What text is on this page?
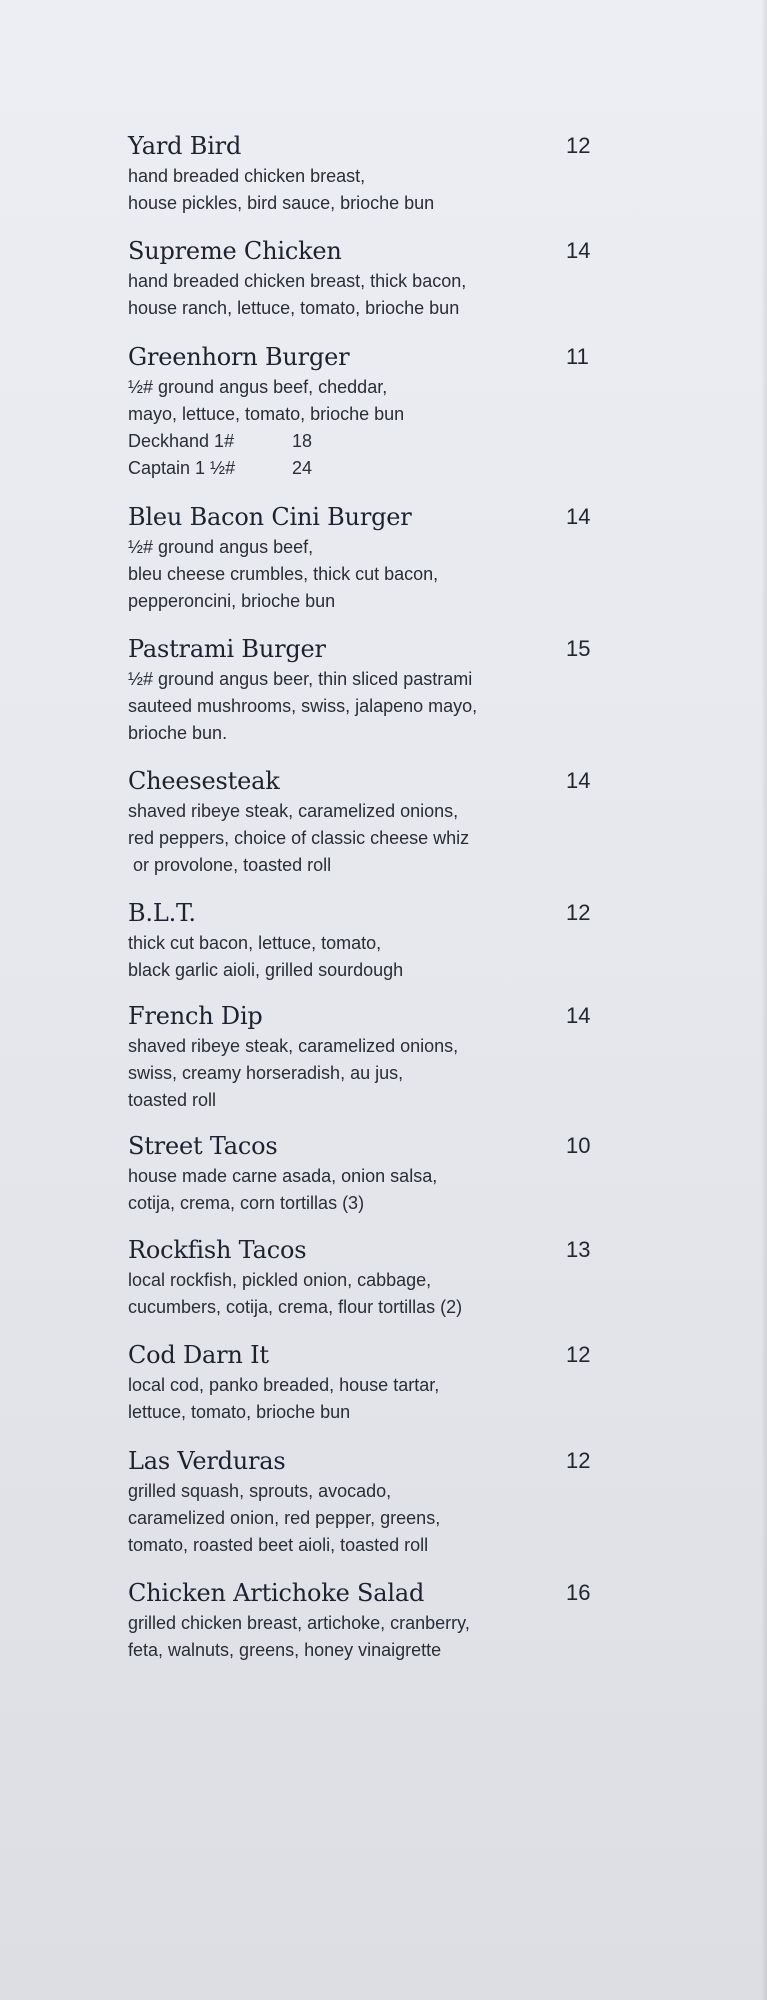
Yard Bird	12
hand breaded chicken breast,
house pickles, bird sauce, brioche bun
Supreme Chicken	14
hand breaded chicken breast, thick bacon,
house ranch, lettuce, tomato, brioche bun
Greenhorn Burger	11
½# ground angus beef, cheddar,
mayo, lettuce, tomato, brioche bun
Deckhand 1#	18
Captain 1 ½#	24
Bleu Bacon Cini Burger	14
½# ground angus beef,
bleu cheese crumbles, thick cut bacon,
pepperoncini, brioche bun
Pastrami Burger	15
½# ground angus beer, thin sliced pastrami
sauteed mushrooms, swiss, jalapeno mayo,
brioche bun.
Cheesesteak	14
shaved ribeye steak, caramelized onions,
red peppers, choice of classic cheese whiz
or provolone, toasted roll
B.L.T.	12
thick cut bacon, lettuce, tomato,
black garlic aioli, grilled sourdough
French Dip	14
shaved ribeye steak, caramelized onions,
swiss, creamy horseradish, au jus,
toasted roll
Street Tacos	10
house made carne asada, onion salsa,
cotija, crema, corn tortillas (3)
Rockfish Tacos	13
local rockfish, pickled onion, cabbage,
cucumbers, cotija, crema, flour tortillas (2)
Cod Darn It	12
local cod, panko breaded, house tartar,
lettuce, tomato, brioche bun
Las Verduras	12
grilled squash, sprouts, avocado,
caramelized onion, red pepper, greens,
tomato, roasted beet aioli, toasted roll
Chicken Artichoke Salad	16
grilled chicken breast, artichoke, cranberry,
feta, walnuts, greens, honey vinaigrette
